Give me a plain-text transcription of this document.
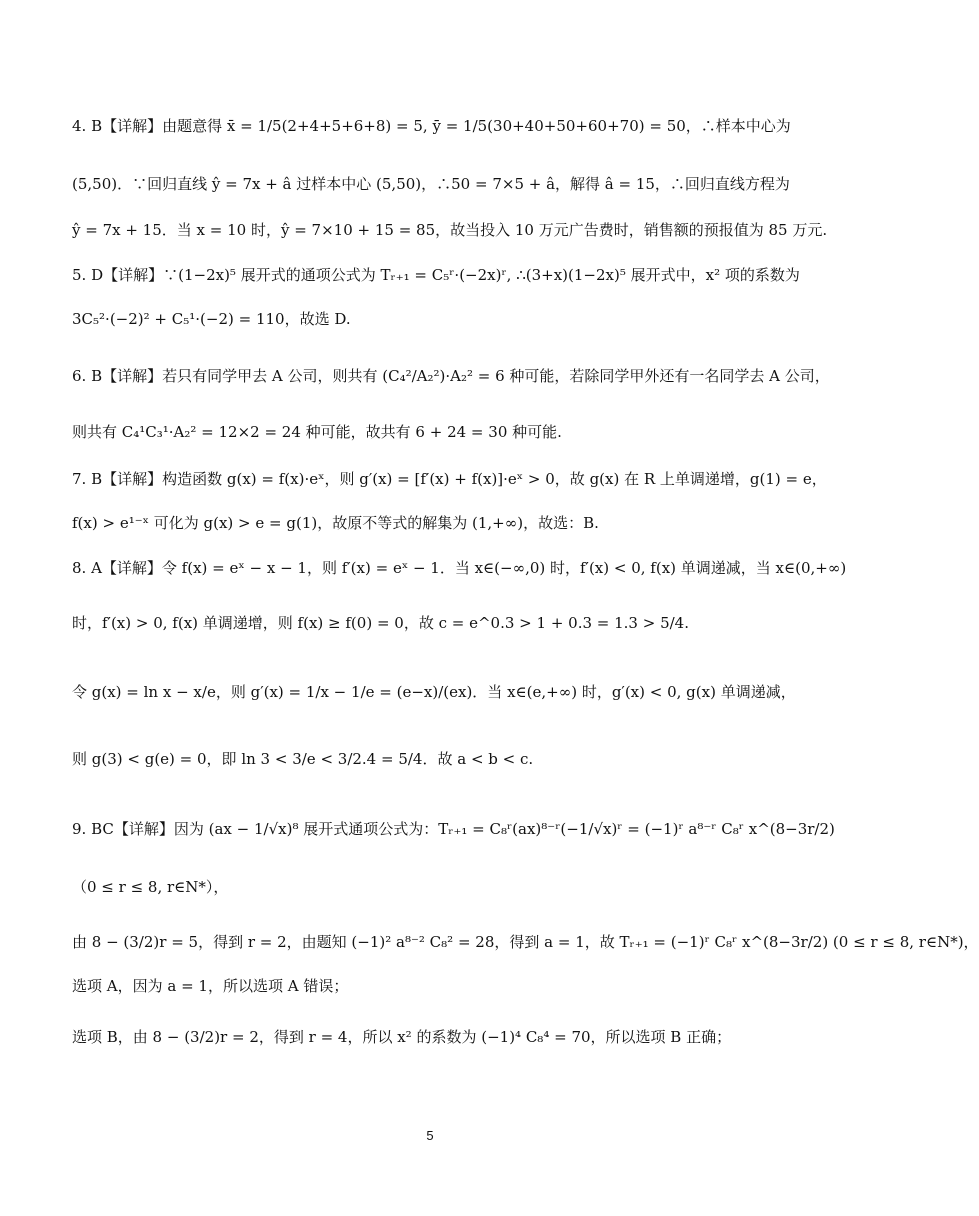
4. B【详解】由题意得 x̄ = 1/5(2+4+5+6+8) = 5, ȳ = 1/5(30+40+50+60+70) = 50，∴样本中心为
(5,50)．∵回归直线 ŷ = 7x + â 过样本中心 (5,50)，∴50 = 7×5 + â，解得 â = 15，∴回归直线方程为
ŷ = 7x + 15．当 x = 10 时，ŷ = 7×10 + 15 = 85，故当投入 10 万元广告费时，销售额的预报值为 85 万元.
5. D【详解】∵(1−2x)⁵ 展开式的通项公式为 Tᵣ₊₁ = C₅ʳ·(−2x)ʳ, ∴(3+x)(1−2x)⁵ 展开式中，x² 项的系数为
3C₅²·(−2)² + C₅¹·(−2) = 110，故选 D.
6. B【详解】若只有同学甲去 A 公司，则共有 (C₄²/A₂²)·A₂² = 6 种可能，若除同学甲外还有一名同学去 A 公司，
则共有 C₄¹C₃¹·A₂² = 12×2 = 24 种可能，故共有 6 + 24 = 30 种可能.
7. B【详解】构造函数 g(x) = f(x)·eˣ，则 g′(x) = [f′(x) + f(x)]·eˣ > 0，故 g(x) 在 R 上单调递增，g(1) = e，
f(x) > e¹⁻ˣ 可化为 g(x) > e = g(1)，故原不等式的解集为 (1,+∞)，故选：B.
8. A【详解】令 f(x) = eˣ − x − 1，则 f′(x) = eˣ − 1．当 x∈(−∞,0) 时，f′(x) < 0, f(x) 单调递减，当 x∈(0,+∞)
时，f′(x) > 0, f(x) 单调递增，则 f(x) ≥ f(0) = 0，故 c = e^0.3 > 1 + 0.3 = 1.3 > 5/4.
令 g(x) = ln x − x/e，则 g′(x) = 1/x − 1/e = (e−x)/(ex)．当 x∈(e,+∞) 时，g′(x) < 0, g(x) 单调递减，
则 g(3) < g(e) = 0，即 ln 3 < 3/e < 3/2.4 = 5/4．故 a < b < c.
9. BC【详解】因为 (ax − 1/√x)⁸ 展开式通项公式为：Tᵣ₊₁ = C₈ʳ(ax)⁸⁻ʳ(−1/√x)ʳ = (−1)ʳ a⁸⁻ʳ C₈ʳ x^(8−3r/2)
（0 ≤ r ≤ 8, r∈N*），
由 8 − (3/2)r = 5，得到 r = 2，由题知 (−1)² a⁸⁻² C₈² = 28，得到 a = 1，故 Tᵣ₊₁ = (−1)ʳ C₈ʳ x^(8−3r/2) (0 ≤ r ≤ 8, r∈N*)，
选项 A，因为 a = 1，所以选项 A 错误；
选项 B，由 8 − (3/2)r = 2，得到 r = 4，所以 x² 的系数为 (−1)⁴ C₈⁴ = 70，所以选项 B 正确；
5
